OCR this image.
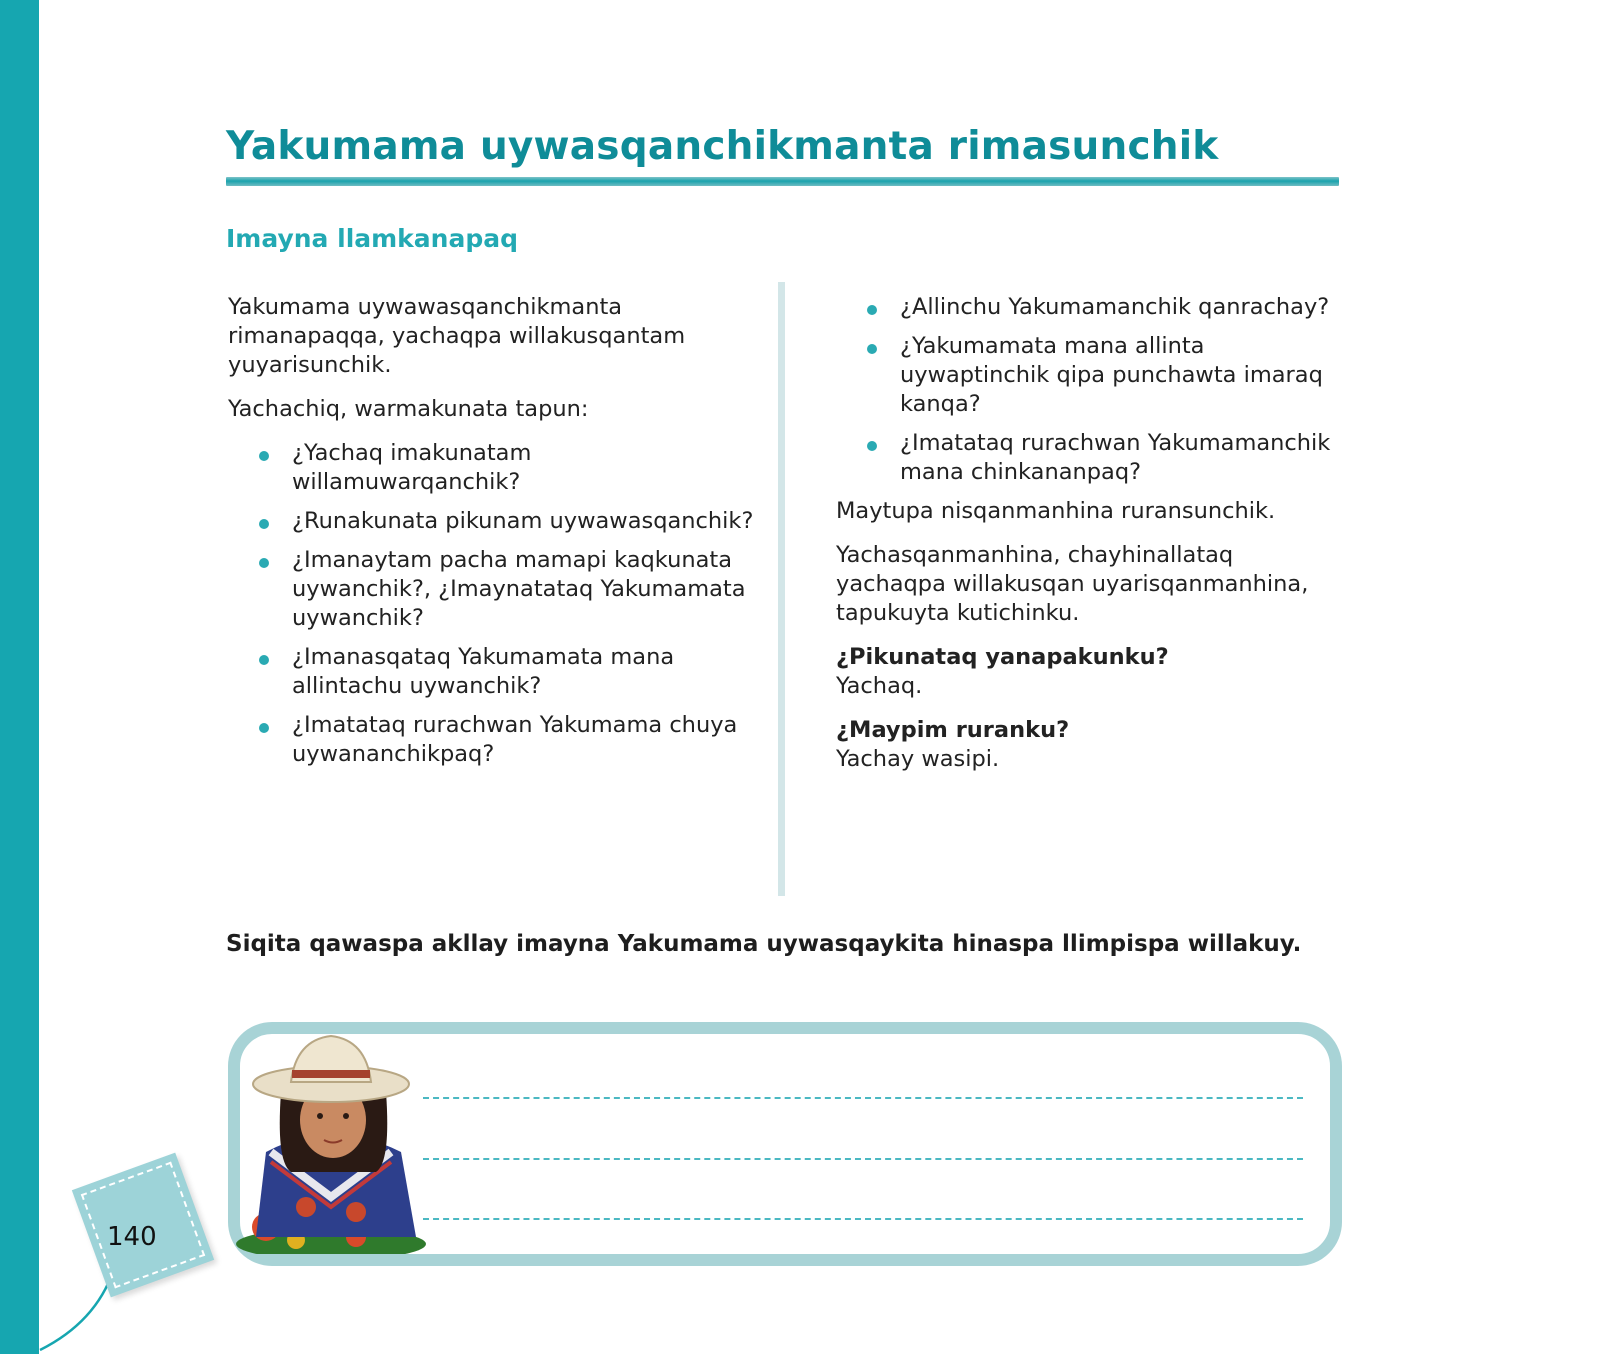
Yakumama uywasqanchikmanta rimasunchik
Imayna llamkanapaq

Yakumama uywawasqanchikmanta rimanapaqqa, yachaqpa willakusqantam yuyarisunchik.

Yachachiq, warmakunata tapun:

¿Yachaq imakunatam willamuwarqanchik?
¿Runakunata pikunam uywawasqanchik?
¿Imanaytam pacha mamapi kaqkunata uywanchik?, ¿Imaynatataq Yakumamata uywanchik?
¿Imanasqataq Yakumamata mana allintachu uywanchik?
¿Imatataq rurachwan Yakumama chuya uywananchikpaq?
¿Allinchu Yakumamanchik qanrachay?
¿Yakumamata mana allinta uywaptinchik qipa punchawta imaraq kanqa?
¿Imatataq rurachwan Yakumamanchik mana chinkananpaq?

Maytupa nisqanmanhina ruransunchik.

Yachasqanmanhina, chayhinallataq yachaqpa willakusqan uyarisqanmanhina, tapukuyta kutichinku.

¿Pikunataq yanapakunku?
Yachaq.

¿Maypim ruranku?
Yachay wasipi.

Siqita qawaspa akllay imayna Yakumama uywasqaykita hinaspa llimpispa willakuy.

140
